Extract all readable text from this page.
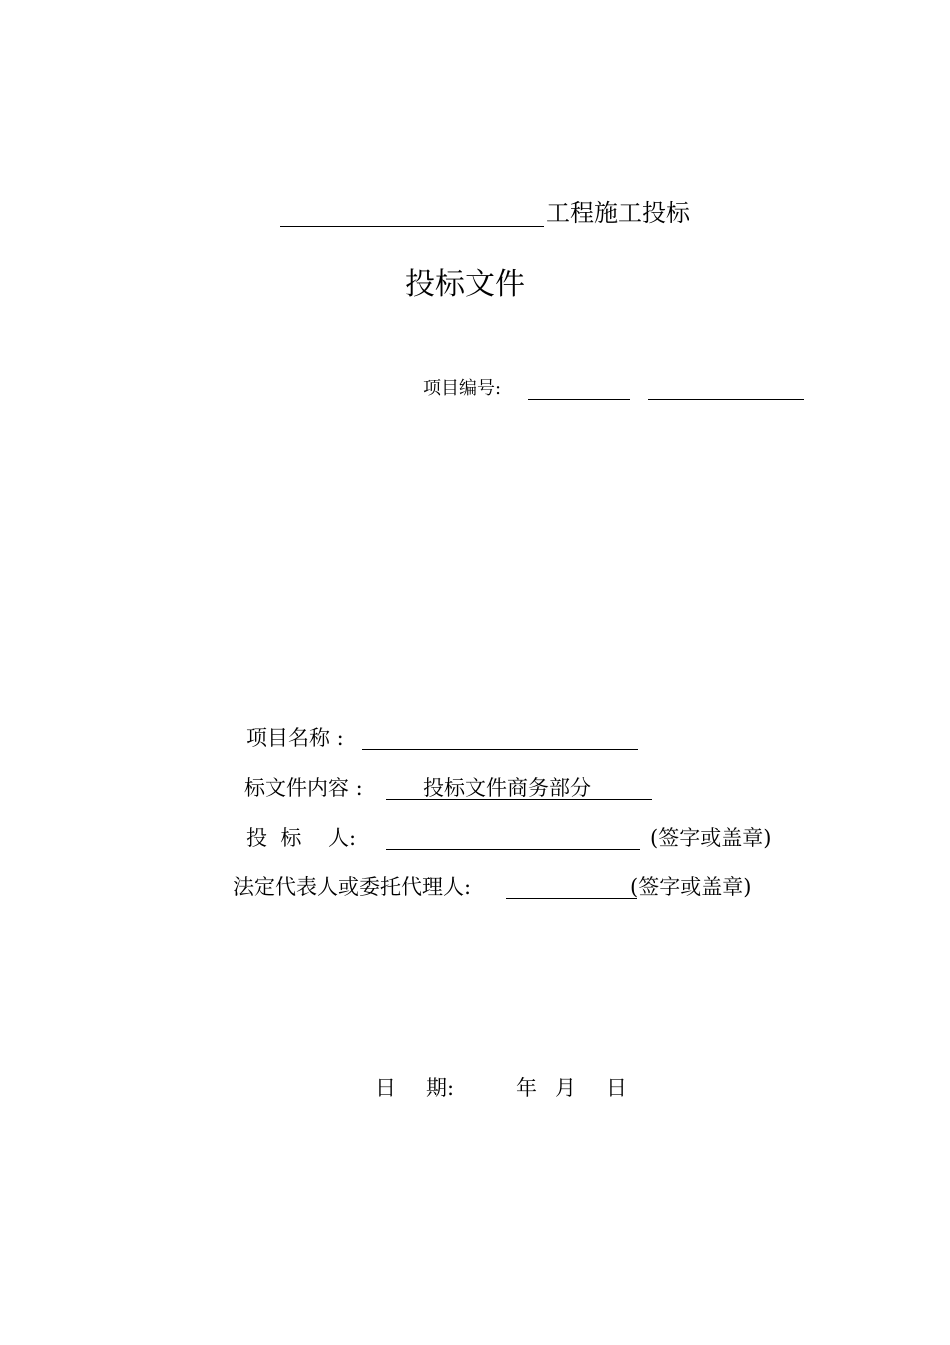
工程施工投标
投标文件
项目编号:
项目名称 :
标文件内容 :	投标文件商务部分
投  标    人:	(签字或盖章)
法定代表人或委托代理人:	(签字或盖章)
日 期:	年 月 日
